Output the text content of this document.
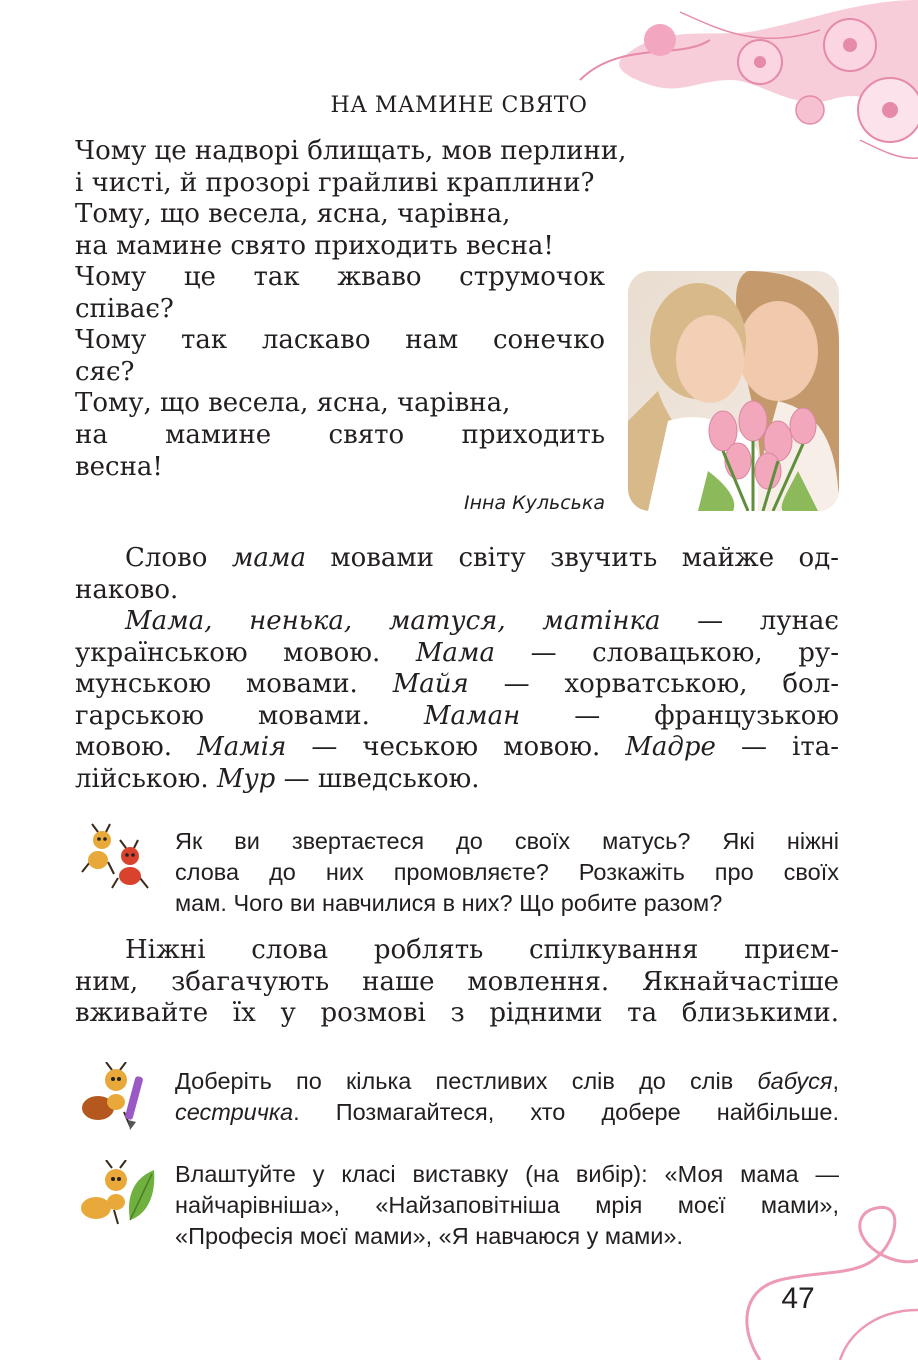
НА МАМИНЕ СВЯТО
Чому це надворі блищать, мов перлини,
і чисті, й прозорі грайливі краплини?
Тому, що весела, ясна, чарівна,
на мамине свято приходить весна!
Чому це так жваво струмочок
співає?
Чому так ласкаво нам сонечко
сяє?
Тому, що весела, ясна, чарівна,
на мамине свято приходить
весна!
Інна Кульська
Слово мама мовами світу звучить майже од-
наково.
Мама, ненька, матуся, матінка — лунає
українською мовою. Мама — словацькою, ру-
мунською мовами. Майя — хорватською, бол-
гарською мовами. Маман — французькою
мовою. Мамія — чеською мовою. Мадре — іта-
лійською. Мур — шведською.
Як ви звертаєтеся до своїх матусь? Які ніжні
слова до них промовляєте? Розкажіть про своїх
мам. Чого ви навчилися в них? Що робите разом?
Ніжні слова роблять спілкування приєм-
ним, збагачують наше мовлення. Якнайчастіше
вживайте їх у розмові з рідними та близькими.
Доберіть по кілька пестливих слів до слів бабуся,
сестричка. Позмагайтеся, хто добере найбільше.
Влаштуйте у класі виставку (на вибір): «Моя мама —
найчарівніша», «Найзаповітніша мрія моєї мами»,
«Професія моєї мами», «Я навчаюся у мами».
47
